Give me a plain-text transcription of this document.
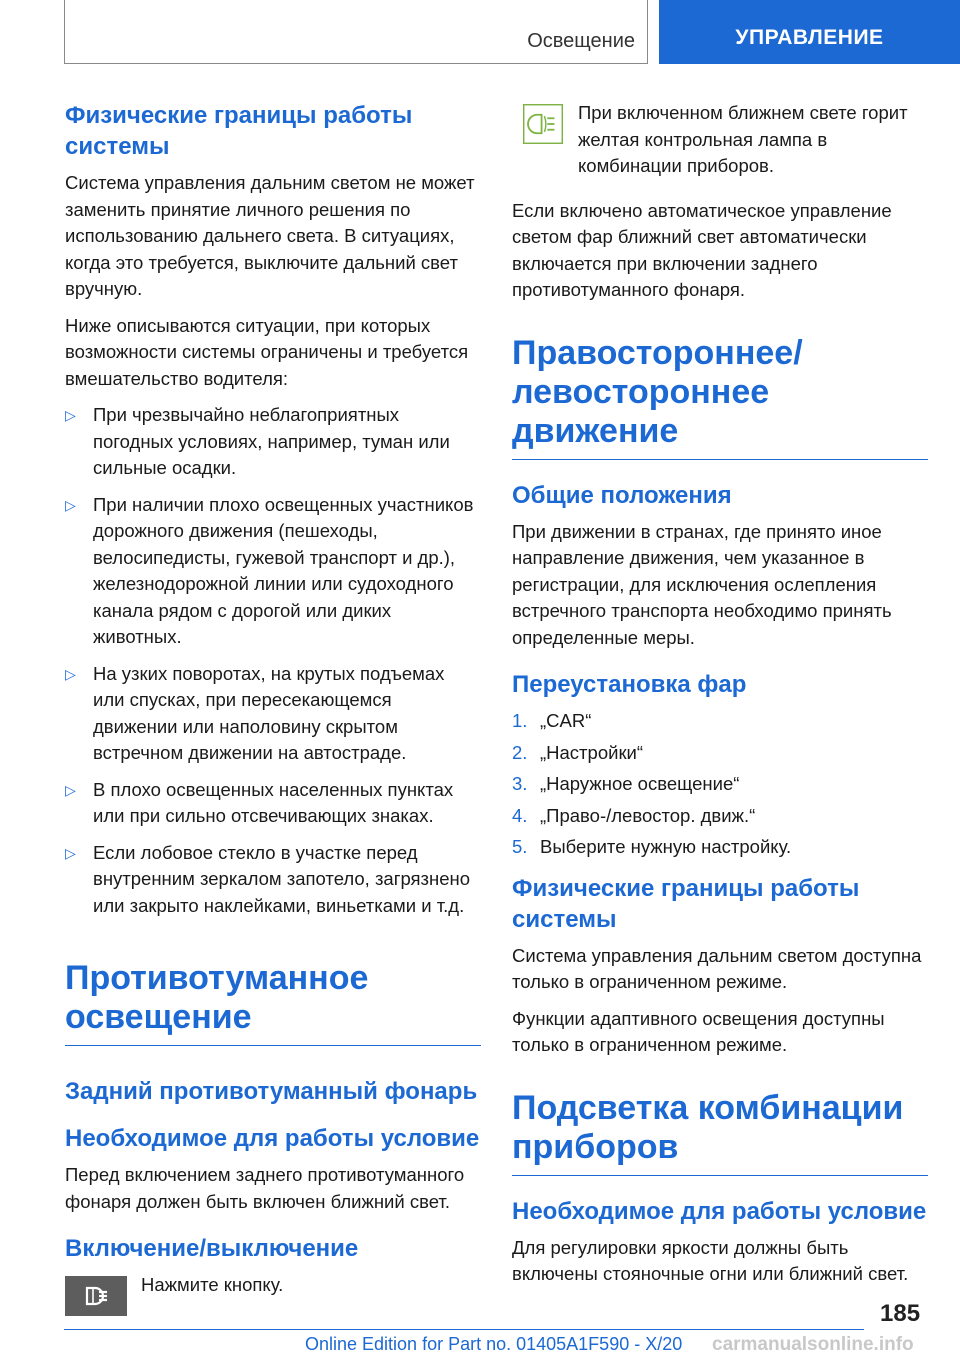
Освещение	УПРАВЛЕНИЕ
Физические границы работы системы

Система управления дальним светом не может заменить принятие личного решения по использованию дальнего света. В ситуациях, когда это требуется, выключите дальний свет вручную.

Ниже описываются ситуации, при которых возможности системы ограничены и требуется вмешательство водителя:

▷ При чрезвычайно неблагоприятных погодных условиях, например, туман или сильные осадки.
▷ При наличии плохо освещенных участников дорожного движения (пешеходы, велосипедисты, гужевой транспорт и др.), железнодорожной линии или судоходного канала рядом с дорогой или диких животных.
▷ На узких поворотах, на крутых подъемах или спусках, при пересекающемся движении или наполовину скрытом встречном движении на автостраде.
▷ В плохо освещенных населенных пунктах или при сильно отсвечивающих знаках.
▷ Если лобовое стекло в участке перед внутренним зеркалом запотело, загрязнено или закрыто наклейками, виньетками и т.д.
Противотуманное освещение
Задний противотуманный фонарь
Необходимое для работы условие

Перед включением заднего противотуманного фонаря должен быть включен ближний свет.

Включение/выключение

Нажмите кнопку.

При включенном ближнем свете горит желтая контрольная лампа в комбинации приборов.

Если включено автоматическое управление светом фар ближний свет автоматически включается при включении заднего противотуманного фонаря.

Правостороннее/ левостороннее движение
Общие положения

При движении в странах, где принято иное направление движения, чем указанное в регистрации, для исключения ослепления встречного транспорта необходимо принять определенные меры.

Переустановка фар
1. „CAR“
2. „Настройки“
3. „Наружное освещение“
4. „Право-/левостор. движ.“
5. Выберите нужную настройку.
Физические границы работы системы

Система управления дальним светом доступна только в ограниченном режиме.

Функции адаптивного освещения доступны только в ограниченном режиме.

Подсветка комбинации приборов
Необходимое для работы условие

Для регулировки яркости должны быть включены стояночные огни или ближний свет.

185
Online Edition for Part no. 01405A1F590 - X/20 carmanualsonline.info
